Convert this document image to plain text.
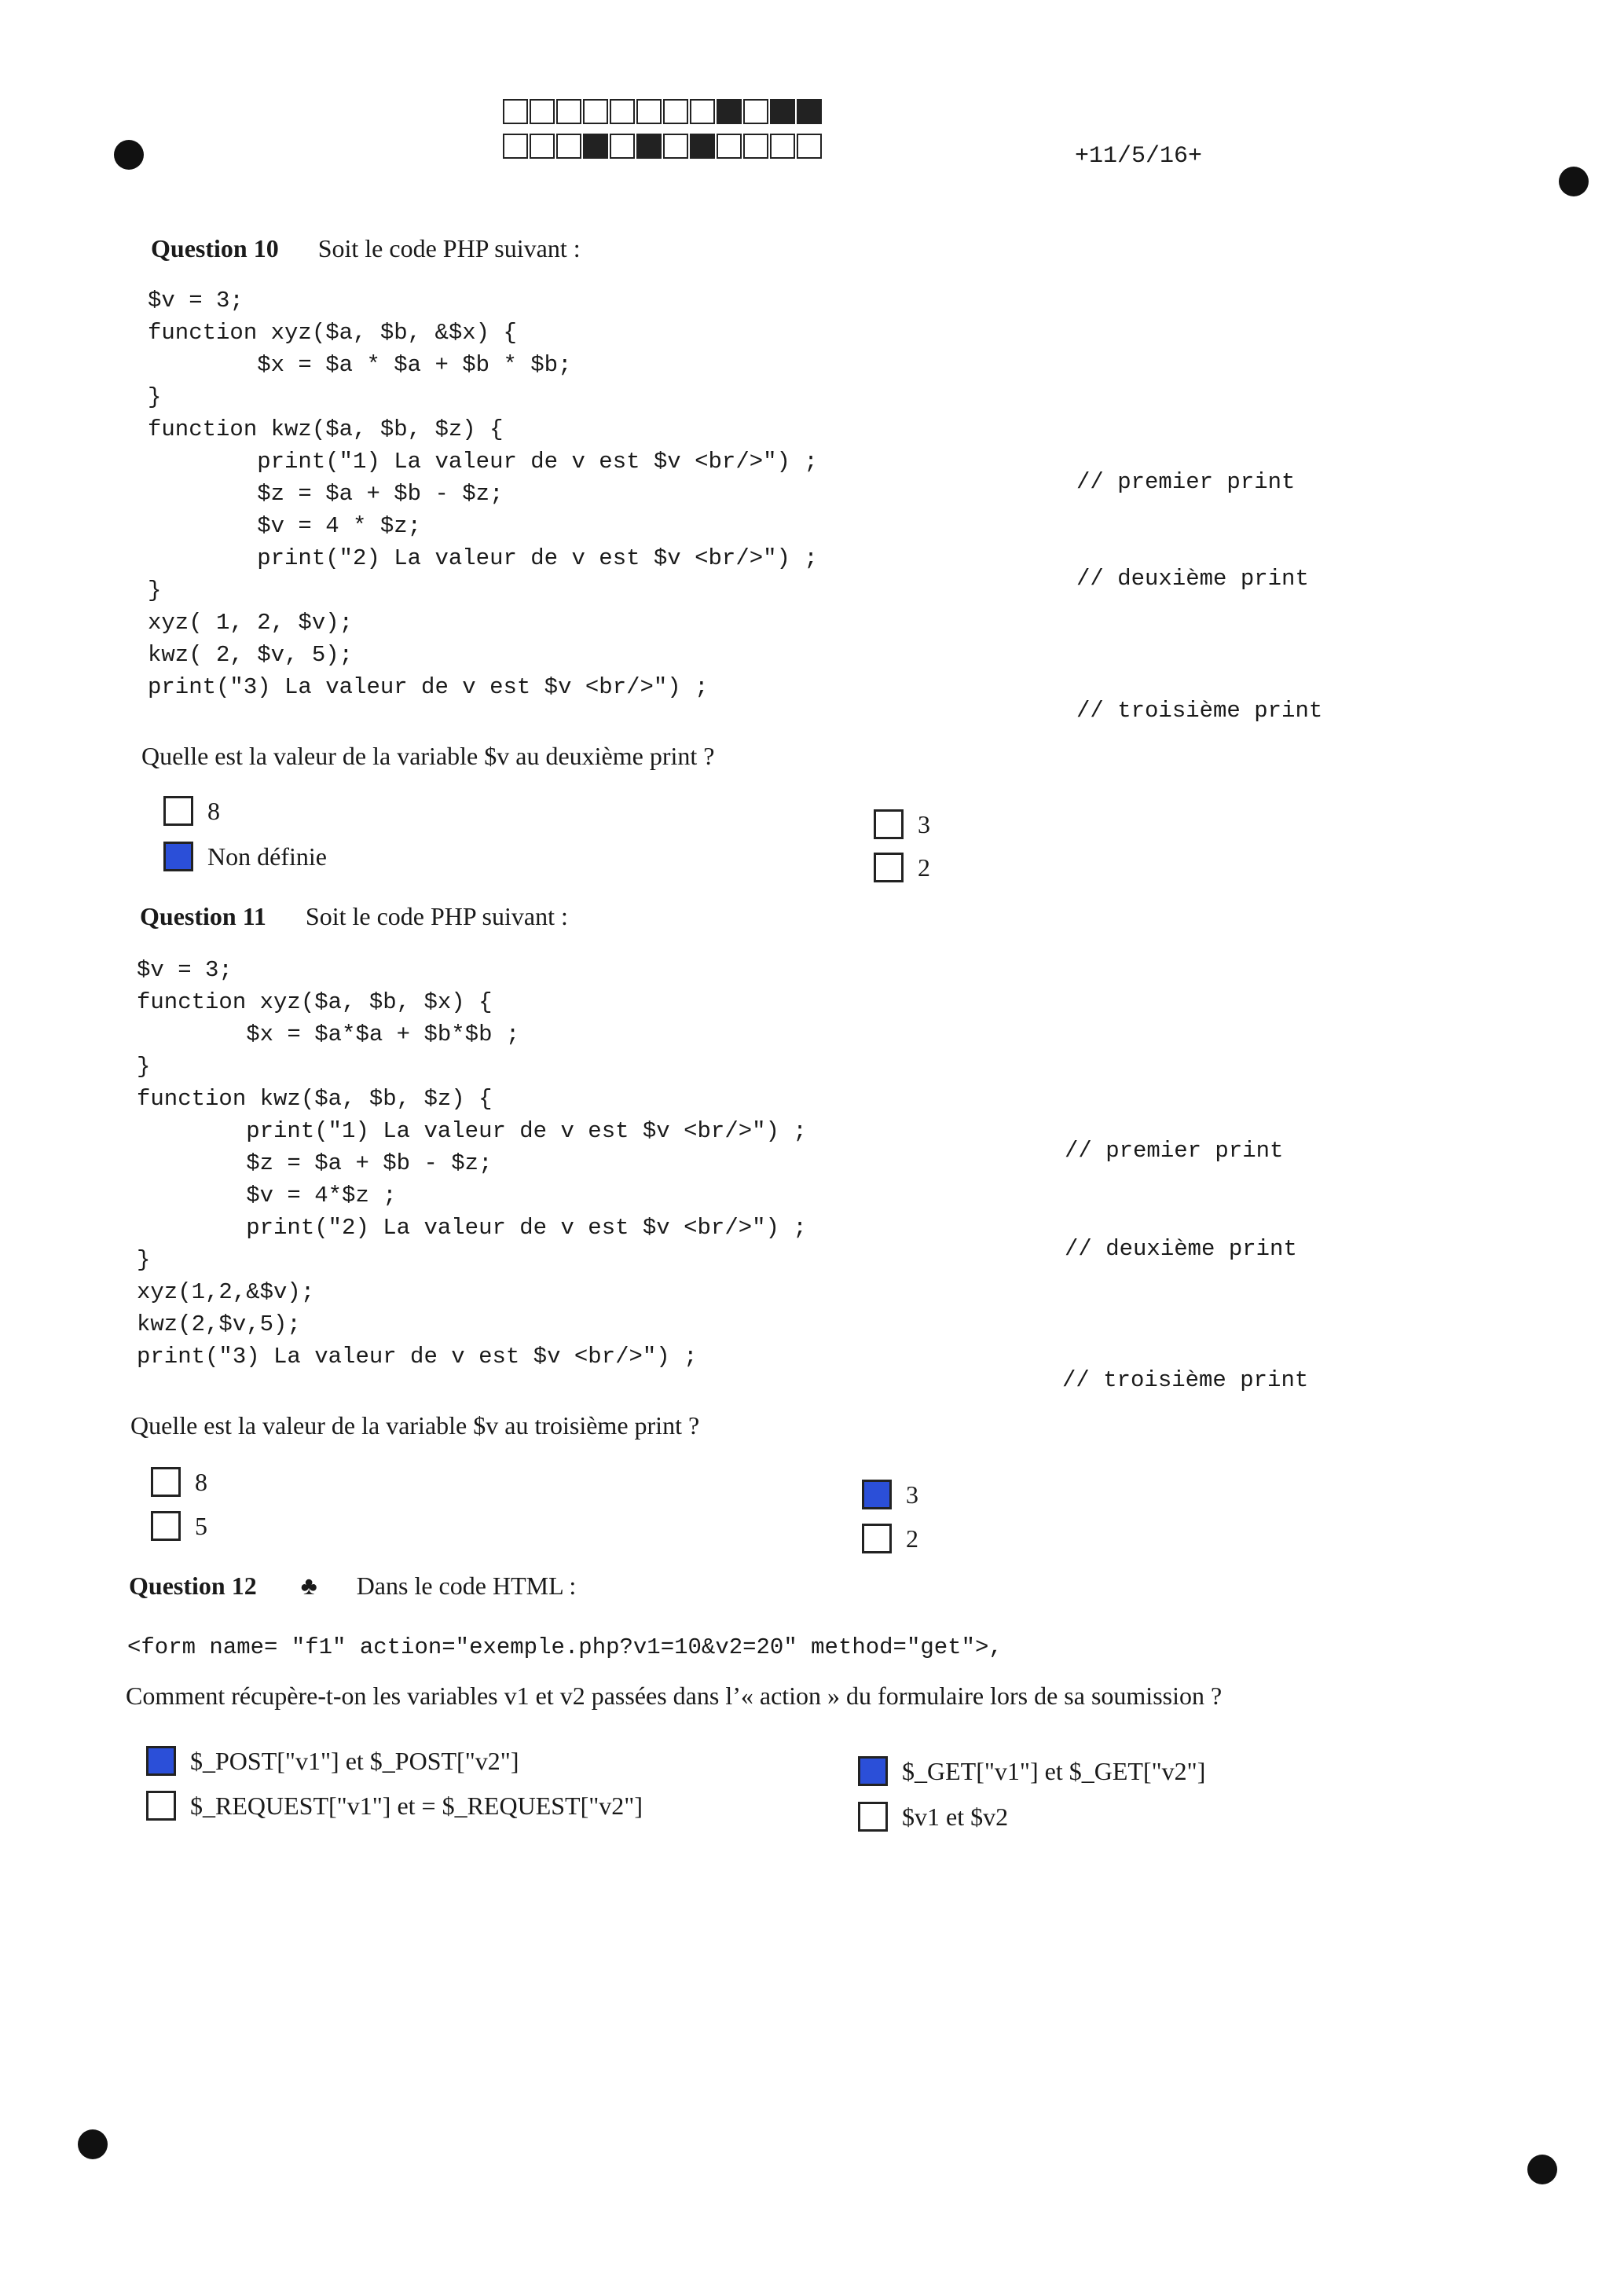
+11/5/16+
Question 10 Soit le code PHP suivant :
$v = 3;
function xyz($a, $b, &$x) {
$x = $a * $a + $b * $b;
}
function kwz($a, $b, $z) {
print("1) La valeur de v est $v <br/>") ;
$z = $a + $b - $z;
$v = 4 * $z;
print("2) La valeur de v est $v <br/>") ;
}
xyz( 1, 2, $v);
kwz( 2, $v, 5);
print("3) La valeur de v est $v <br/>") ;
// premier print
// deuxième print
// troisième print
Quelle est la valeur de la variable $v au deuxième print ?
8
Non définie
3
2
Question 11 Soit le code PHP suivant :
$v = 3;
function xyz($a, $b, $x) {
$x = $a*$a + $b*$b ;
}
function kwz($a, $b, $z) {
print("1) La valeur de v est $v <br/>") ;
$z = $a + $b - $z;
$v = 4*$z ;
print("2) La valeur de v est $v <br/>") ;
}
xyz(1,2,&$v);
kwz(2,$v,5);
print("3) La valeur de v est $v <br/>") ;
// premier print
// deuxième print
// troisième print
Quelle est la valeur de la variable $v au troisième print ?
8
5
3
2
Question 12 ♣ Dans le code HTML :
<form name= "f1" action="exemple.php?v1=10&v2=20" method="get">,
Comment récupère-t-on les variables v1 et v2 passées dans l’« action » du formulaire lors de sa soumission ?
$_POST["v1"] et $_POST["v2"]
$_REQUEST["v1"] et = $_REQUEST["v2"]
$_GET["v1"] et $_GET["v2"]
$v1 et $v2
